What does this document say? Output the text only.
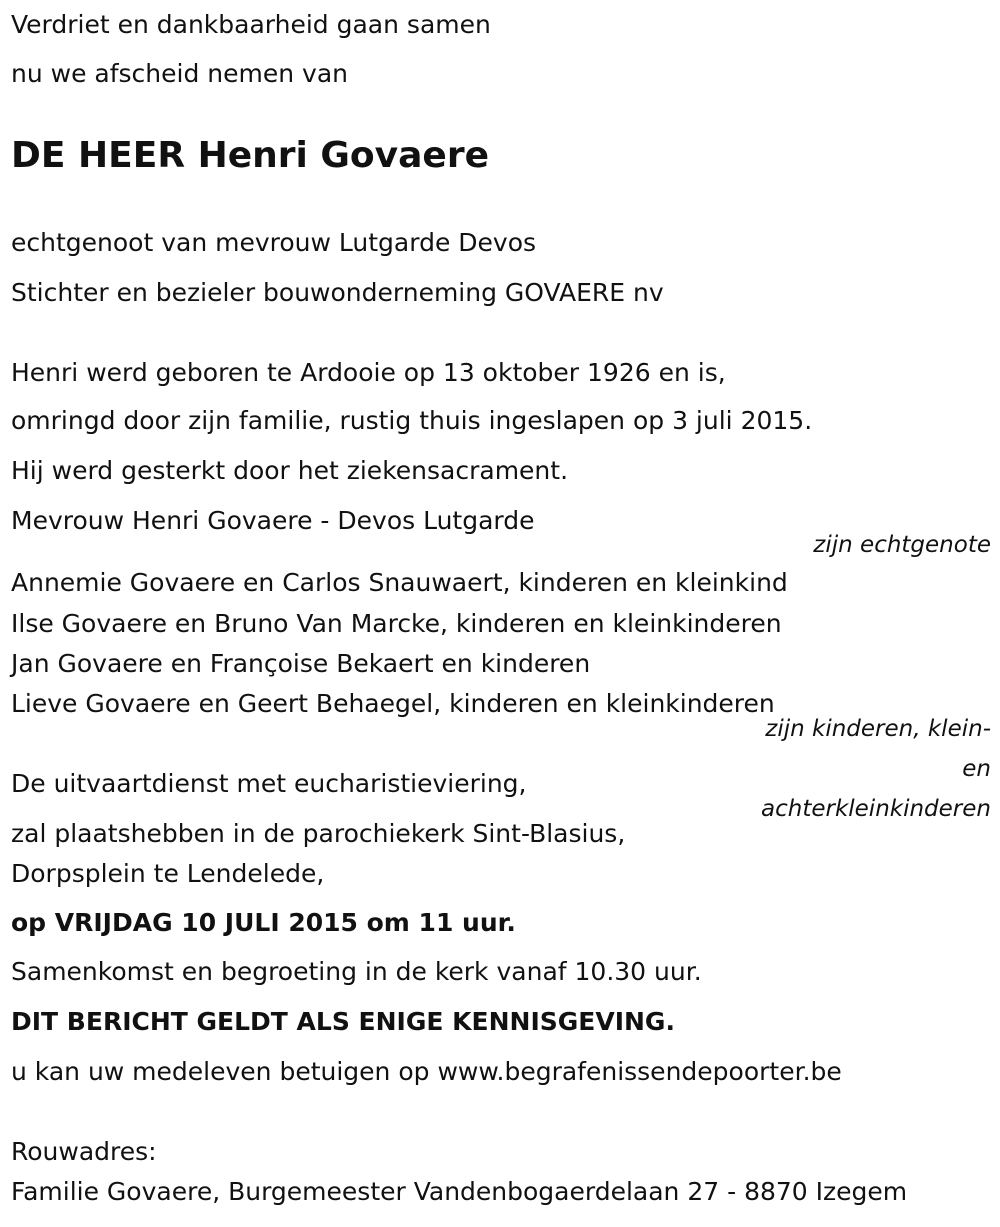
Verdriet en dankbaarheid gaan samen

nu we afscheid nemen van

DE HEER Henri Govaere

echtgenoot van mevrouw Lutgarde Devos

Stichter en bezieler bouwonderneming GOVAERE nv

Henri werd geboren te Ardooie op 13 oktober 1926 en is,

omringd door zijn familie, rustig thuis ingeslapen op 3 juli 2015.

Hij werd gesterkt door het ziekensacrament.

Mevrouw Henri Govaere - Devos Lutgarde

zijn echtgenote

Annemie Govaere en Carlos Snauwaert, kinderen en kleinkind

Ilse Govaere en Bruno Van Marcke, kinderen en kleinkinderen

Jan Govaere en Françoise Bekaert en kinderen

Lieve Govaere en Geert Behaegel, kinderen en kleinkinderen

zijn kinderen, klein-
en
achterkleinkinderen

De uitvaartdienst met eucharistieviering,

zal plaatshebben in de parochiekerk Sint-Blasius,

Dorpsplein te Lendelede,

op VRIJDAG 10 JULI 2015 om 11 uur.

Samenkomst en begroeting in de kerk vanaf 10.30 uur.

DIT BERICHT GELDT ALS ENIGE KENNISGEVING.

u kan uw medeleven betuigen op www.begrafenissendepoorter.be

Rouwadres:

Familie Govaere, Burgemeester Vandenbogaerdelaan 27 - 8870 Izegem
